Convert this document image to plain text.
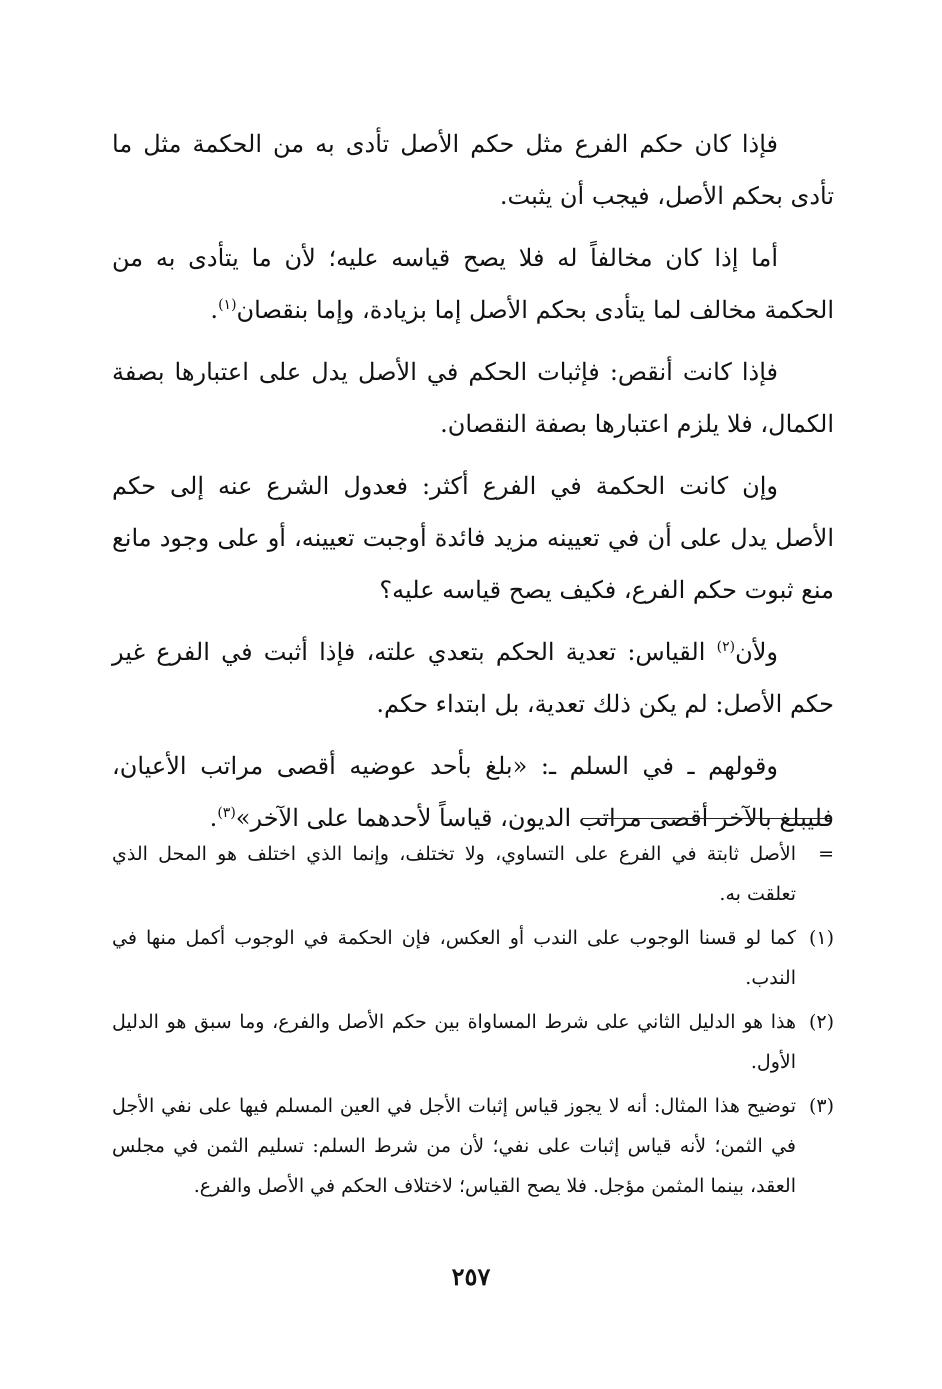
فإذا كان حكم الفرع مثل حكم الأصل تأدى به من الحكمة مثل ما تأدى بحكم الأصل، فيجب أن يثبت.

أما إذا كان مخالفاً له فلا يصح قياسه عليه؛ لأن ما يتأدى به من الحكمة مخالف لما يتأدى بحكم الأصل إما بزيادة، وإما بنقصان$^{(١)}$.

فإذا كانت أنقص: فإثبات الحكم في الأصل يدل على اعتبارها بصفة الكمال، فلا يلزم اعتبارها بصفة النقصان.

وإن كانت الحكمة في الفرع أكثر: فعدول الشرع عنه إلى حكم الأصل يدل على أن في تعيينه مزيد فائدة أوجبت تعيينه، أو على وجود مانع منع ثبوت حكم الفرع، فكيف يصح قياسه عليه؟

ولأن$^{(٢)}$ القياس: تعدية الحكم بتعدي علته، فإذا أثبت في الفرع غير حكم الأصل: لم يكن ذلك تعدية، بل ابتداء حكم.

وقولهم ـ في السلم ـ: «بلغ بأحد عوضيه أقصى مراتب الأعيان، فليبلغ بالآخر أقصى مراتب الديون، قياساً لأحدهما على الآخر»$^{(٣)}$.

=
الأصل ثابتة في الفرع على التساوي، ولا تختلف، وإنما الذي اختلف هو المحل الذي تعلقت به.
(١)
كما لو قسنا الوجوب على الندب أو العكس، فإن الحكمة في الوجوب أكمل منها في الندب.
(٢)
هذا هو الدليل الثاني على شرط المساواة بين حكم الأصل والفرع، وما سبق هو الدليل الأول.
(٣)
توضيح هذا المثال: أنه لا يجوز قياس إثبات الأجل في العين المسلم فيها على نفي الأجل في الثمن؛ لأنه قياس إثبات على نفي؛ لأن من شرط السلم: تسليم الثمن في مجلس العقد، بينما المثمن مؤجل. فلا يصح القياس؛ لاختلاف الحكم في الأصل والفرع.
٢٥٧
